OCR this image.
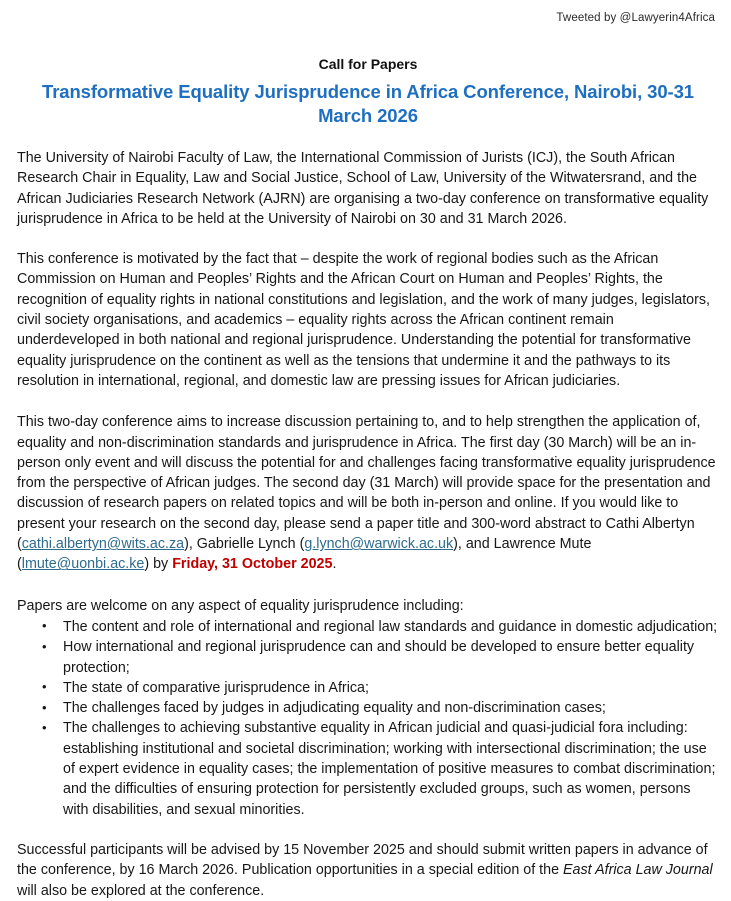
Tweeted by @Lawyerin4Africa
Call for Papers
Transformative Equality Jurisprudence in Africa Conference, Nairobi, 30-31 March 2026

The University of Nairobi Faculty of Law, the International Commission of Jurists (ICJ), the South African Research Chair in Equality, Law and Social Justice, School of Law, University of the Witwatersrand, and the African Judiciaries Research Network (AJRN) are organising a two-day conference on transformative equality jurisprudence in Africa to be held at the University of Nairobi on 30 and 31 March 2026.

This conference is motivated by the fact that – despite the work of regional bodies such as the African Commission on Human and Peoples’ Rights and the African Court on Human and Peoples’ Rights, the recognition of equality rights in national constitutions and legislation, and the work of many judges, legislators, civil society organisations, and academics – equality rights across the African continent remain underdeveloped in both national and regional jurisprudence. Understanding the potential for transformative equality jurisprudence on the continent as well as the tensions that undermine it and the pathways to its resolution in international, regional, and domestic law are pressing issues for African judiciaries.

This two-day conference aims to increase discussion pertaining to, and to help strengthen the application of, equality and non-discrimination standards and jurisprudence in Africa. The first day (30 March) will be an in-person only event and will discuss the potential for and challenges facing transformative equality jurisprudence from the perspective of African judges. The second day (31 March) will provide space for the presentation and discussion of research papers on related topics and will be both in-person and online. If you would like to present your research on the second day, please send a paper title and 300-word abstract to Cathi Albertyn (cathi.albertyn@wits.ac.za), Gabrielle Lynch (g.lynch@warwick.ac.uk), and Lawrence Mute (lmute@uonbi.ac.ke) by Friday, 31 October 2025.

Papers are welcome on any aspect of equality jurisprudence including:

• The content and role of international and regional law standards and guidance in domestic adjudication;
• How international and regional jurisprudence can and should be developed to ensure better equality protection;
• The state of comparative jurisprudence in Africa;
• The challenges faced by judges in adjudicating equality and non-discrimination cases;
• The challenges to achieving substantive equality in African judicial and quasi-judicial fora including: establishing institutional and societal discrimination; working with intersectional discrimination; the use of expert evidence in equality cases; the implementation of positive measures to combat discrimination; and the difficulties of ensuring protection for persistently excluded groups, such as women, persons with disabilities, and sexual minorities.

Successful participants will be advised by 15 November 2025 and should submit written papers in advance of the conference, by 16 March 2026. Publication opportunities in a special edition of the East Africa Law Journal will also be explored at the conference.
